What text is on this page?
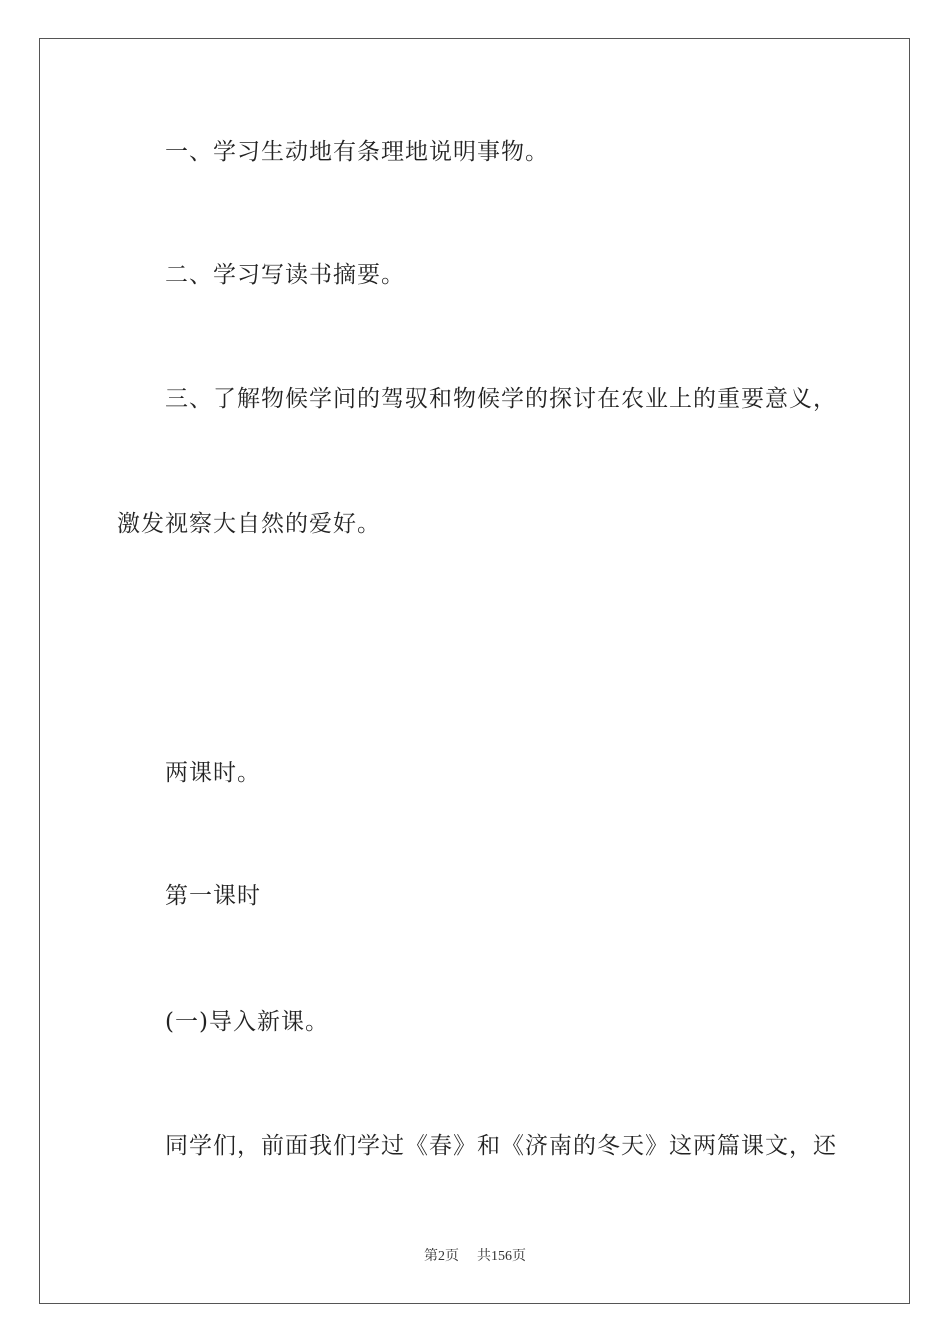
一、学习生动地有条理地说明事物。
二、学习写读书摘要。
三、了解物候学问的驾驭和物候学的探讨在农业上的重要意义，
激发视察大自然的爱好。
两课时。
第一课时
(一)导入新课。
同学们，前面我们学过《春》和《济南的冬天》这两篇课文，还
第2页 共156页
